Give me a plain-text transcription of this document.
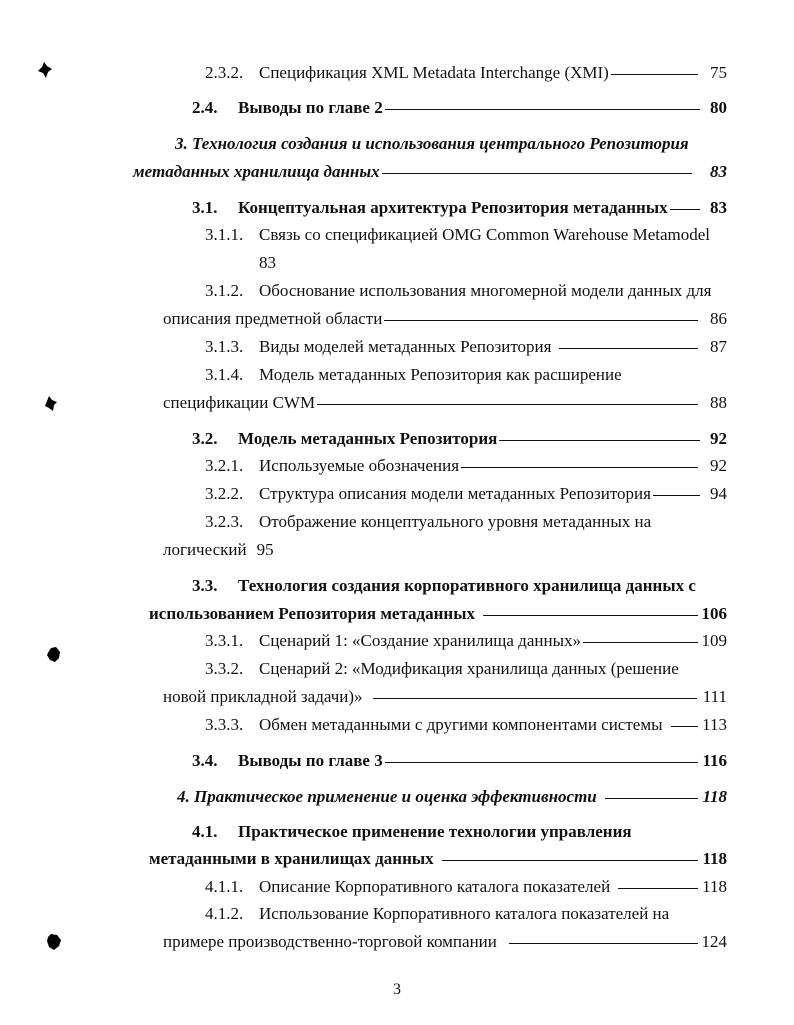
2.3.2. Спецификация XML Metadata Interchange (XMI)	75
2.4.	Выводы по главе 2	80
3. Технология создания и использования центрального Репозитория
метаданных хранилища данных	83
3.1.	Концептуальная архитектура Репозитория метаданных 83
3.1.1. Связь со спецификацией OMG Common Warehouse Metamodel
83
3.1.2. Обоснование использования многомерной модели данных для
описания предметной области	86
3.1.3. Виды моделей метаданных Репозитория	87
3.1.4. Модель метаданных Репозитория как расширение
спецификации CWM	88
3.2.	Модель метаданных Репозитория	92
3.2.1. Используемые обозначения	92
3.2.2. Структура описания модели метаданных Репозитория	94
3.2.3. Отображение концептуального уровня метаданных на
логический 95
3.3.	Технология создания корпоративного хранилища данных с
использованием Репозитория метаданных	106
3.3.1. Сценарий 1: «Создание хранилища данных»	109
3.3.2. Сценарий 2: «Модификация хранилища данных (решение
новой прикладной задачи)»	111
3.3.3. Обмен метаданными с другими компонентами системы 113
3.4.	Выводы по главе 3	116
4. Практическое применение и оценка эффективности	118
4.1.	Практическое применение технологии управления
метаданными в хранилищах данных	118
4.1.1. Описание Корпоративного каталога показателей	118
4.1.2. Использование Корпоративного каталога показателей на
примере производственно-торговой компании	124
3
